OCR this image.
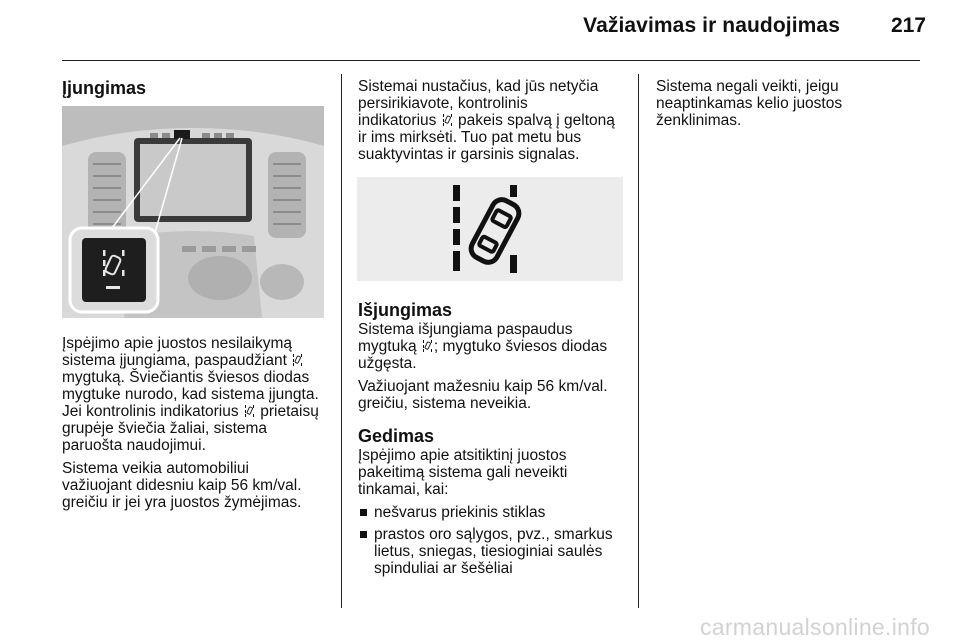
Važiavimas ir naudojimas	217
Įjungimas

Įspėjimo apie juostos nesilaikymą
sistema įjungiama, paspaudžiant
mygtuką. Šviečiantis šviesos diodas
mygtuke nurodo, kad sistema įjungta.
Jei kontrolinis indikatorius prietaisų
grupėje šviečia žaliai, sistema
paruošta naudojimui.

Sistema veikia automobiliui
važiuojant didesniu kaip 56 km/val.
greičiu ir jei yra juostos žymėjimas.

Sistemai nustačius, kad jūs netyčia
persirikiavote, kontrolinis
indikatorius pakeis spalvą į geltoną
ir ims mirksėti. Tuo pat metu bus
suaktyvintas ir garsinis signalas.

Išjungimas

Sistema išjungiama paspaudus
mygtuką ; mygtuko šviesos diodas
užgęsta.

Važiuojant mažesniu kaip 56 km/val.
greičiu, sistema neveikia.

Gedimas

Įspėjimo apie atsitiktinį juostos
pakeitimą sistema gali neveikti
tinkamai, kai:

nešvarus priekinis stiklas
prastos oro sąlygos, pvz., smarkus
lietus, sniegas, tiesioginiai saulės
spinduliai ar šešėliai

Sistema negali veikti, jeigu
neaptinkamas kelio juostos
ženklinimas.

carmanualsonline.info
